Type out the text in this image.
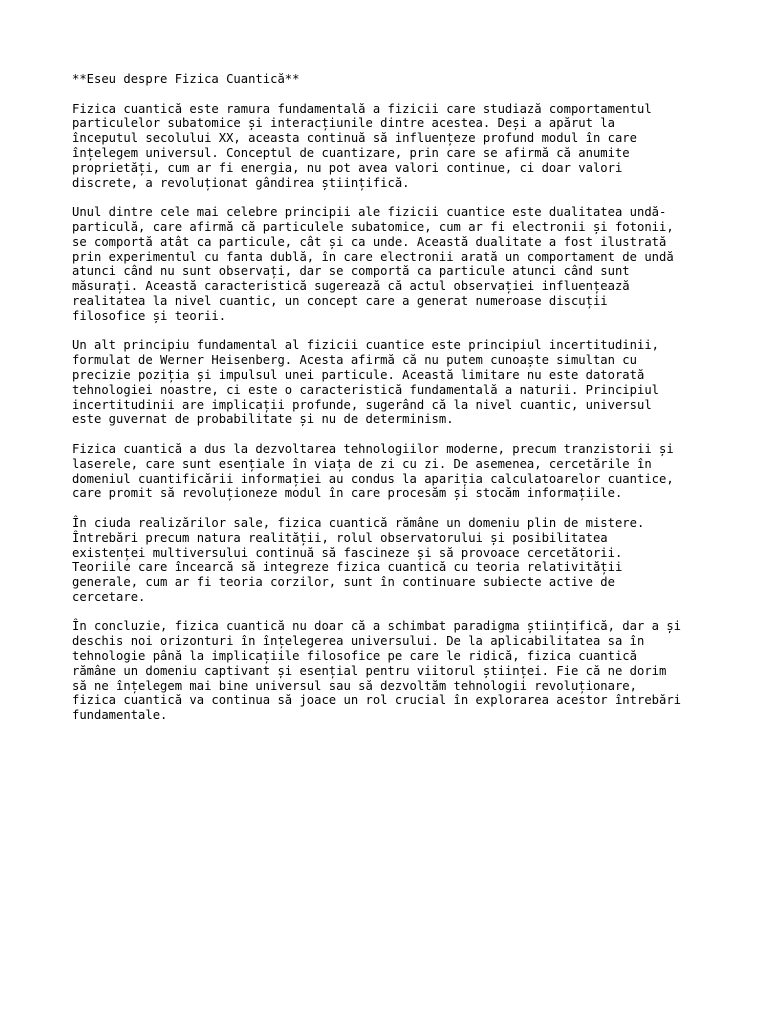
**Eseu despre Fizica Cuantică**
Fizica cuantică este ramura fundamentală a fizicii care studiază comportamentul
particulelor subatomice și interacțiunile dintre acestea. Deși a apărut la
începutul secolului XX, aceasta continuă să influențeze profund modul în care
înțelegem universul. Conceptul de cuantizare, prin care se afirmă că anumite
proprietăți, cum ar fi energia, nu pot avea valori continue, ci doar valori
discrete, a revoluționat gândirea științifică.
Unul dintre cele mai celebre principii ale fizicii cuantice este dualitatea undă-
particulă, care afirmă că particulele subatomice, cum ar fi electronii și fotonii,
se comportă atât ca particule, cât și ca unde. Această dualitate a fost ilustrată
prin experimentul cu fanta dublă, în care electronii arată un comportament de undă
atunci când nu sunt observați, dar se comportă ca particule atunci când sunt
măsurați. Această caracteristică sugerează că actul observației influențează
realitatea la nivel cuantic, un concept care a generat numeroase discuții
filosofice și teorii.
Un alt principiu fundamental al fizicii cuantice este principiul incertitudinii,
formulat de Werner Heisenberg. Acesta afirmă că nu putem cunoaște simultan cu
precizie poziția și impulsul unei particule. Această limitare nu este datorată
tehnologiei noastre, ci este o caracteristică fundamentală a naturii. Principiul
incertitudinii are implicații profunde, sugerând că la nivel cuantic, universul
este guvernat de probabilitate și nu de determinism.
Fizica cuantică a dus la dezvoltarea tehnologiilor moderne, precum tranzistorii și
laserele, care sunt esențiale în viața de zi cu zi. De asemenea, cercetările în
domeniul cuantificării informației au condus la apariția calculatoarelor cuantice,
care promit să revoluționeze modul în care procesăm și stocăm informațiile.
În ciuda realizărilor sale, fizica cuantică rămâne un domeniu plin de mistere.
Întrebări precum natura realității, rolul observatorului și posibilitatea
existenței multiversului continuă să fascineze și să provoace cercetătorii.
Teoriile care încearcă să integreze fizica cuantică cu teoria relativității
generale, cum ar fi teoria corzilor, sunt în continuare subiecte active de
cercetare.
În concluzie, fizica cuantică nu doar că a schimbat paradigma științifică, dar a și
deschis noi orizonturi în înțelegerea universului. De la aplicabilitatea sa în
tehnologie până la implicațiile filosofice pe care le ridică, fizica cuantică
rămâne un domeniu captivant și esențial pentru viitorul științei. Fie că ne dorim
să ne înțelegem mai bine universul sau să dezvoltăm tehnologii revoluționare,
fizica cuantică va continua să joace un rol crucial în explorarea acestor întrebări
fundamentale.
